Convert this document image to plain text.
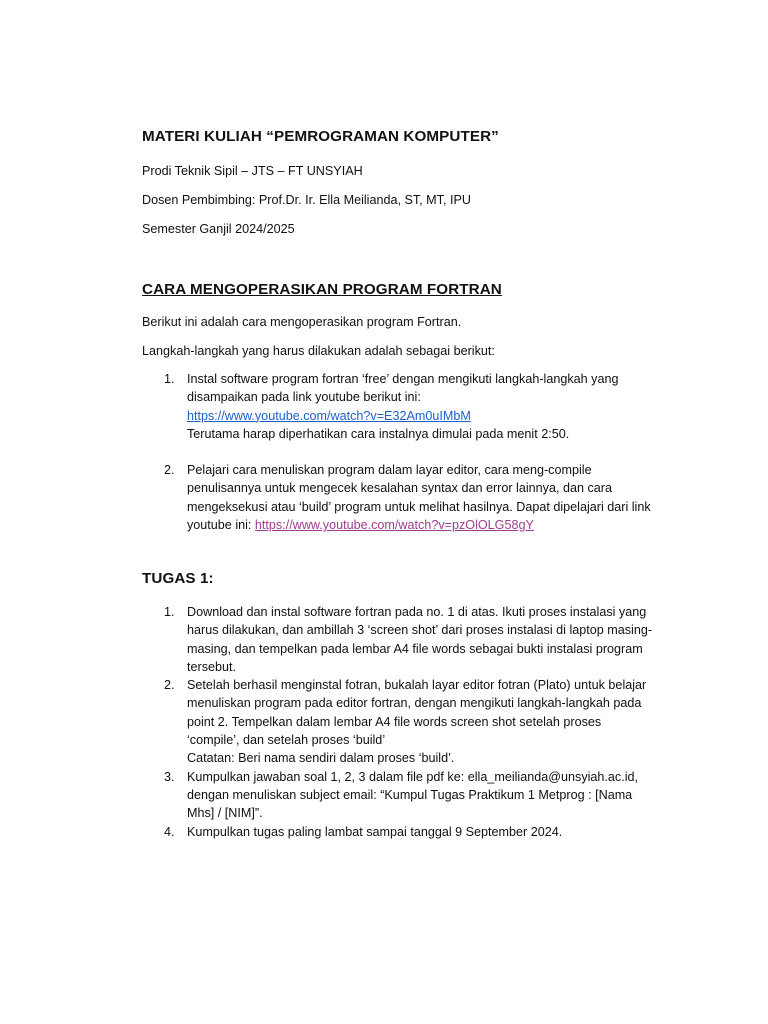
MATERI KULIAH “PEMROGRAMAN KOMPUTER”
Prodi Teknik Sipil – JTS – FT UNSYIAH
Dosen Pembimbing: Prof.Dr. Ir. Ella Meilianda, ST, MT, IPU
Semester Ganjil 2024/2025
CARA MENGOPERASIKAN PROGRAM FORTRAN
Berikut ini adalah cara mengoperasikan program Fortran.
Langkah-langkah yang harus dilakukan adalah sebagai berikut:
1. Instal software program fortran ‘free’ dengan mengikuti langkah-langkah yang
disampaikan pada link youtube berikut ini:
https://www.youtube.com/watch?v=E32Am0uIMbM
Terutama harap diperhatikan cara instalnya dimulai pada menit 2:50.
2. Pelajari cara menuliskan program dalam layar editor, cara meng-compile
penulisannya untuk mengecek kesalahan syntax dan error lainnya, dan cara
mengeksekusi atau ‘build’ program untuk melihat hasilnya. Dapat dipelajari dari link
youtube ini: https://www.youtube.com/watch?v=pzOlOLG58gY
TUGAS 1:
1. Download dan instal software fortran pada no. 1 di atas. Ikuti proses instalasi yang
harus dilakukan, dan ambillah 3 ‘screen shot’ dari proses instalasi di laptop masing-
masing, dan tempelkan pada lembar A4 file words sebagai bukti instalasi program
tersebut.
2. Setelah berhasil menginstal fotran, bukalah layar editor fotran (Plato) untuk belajar
menuliskan program pada editor fortran, dengan mengikuti langkah-langkah pada
point 2. Tempelkan dalam lembar A4 file words screen shot setelah proses
‘compile’, dan setelah proses ‘build’
Catatan: Beri nama sendiri dalam proses ‘build’.
3. Kumpulkan jawaban soal 1, 2, 3 dalam file pdf ke: ella_meilianda@unsyiah.ac.id,
dengan menuliskan subject email: “Kumpul Tugas Praktikum 1 Metprog : [Nama
Mhs] / [NIM]”.
4. Kumpulkan tugas paling lambat sampai tanggal 9 September 2024.
